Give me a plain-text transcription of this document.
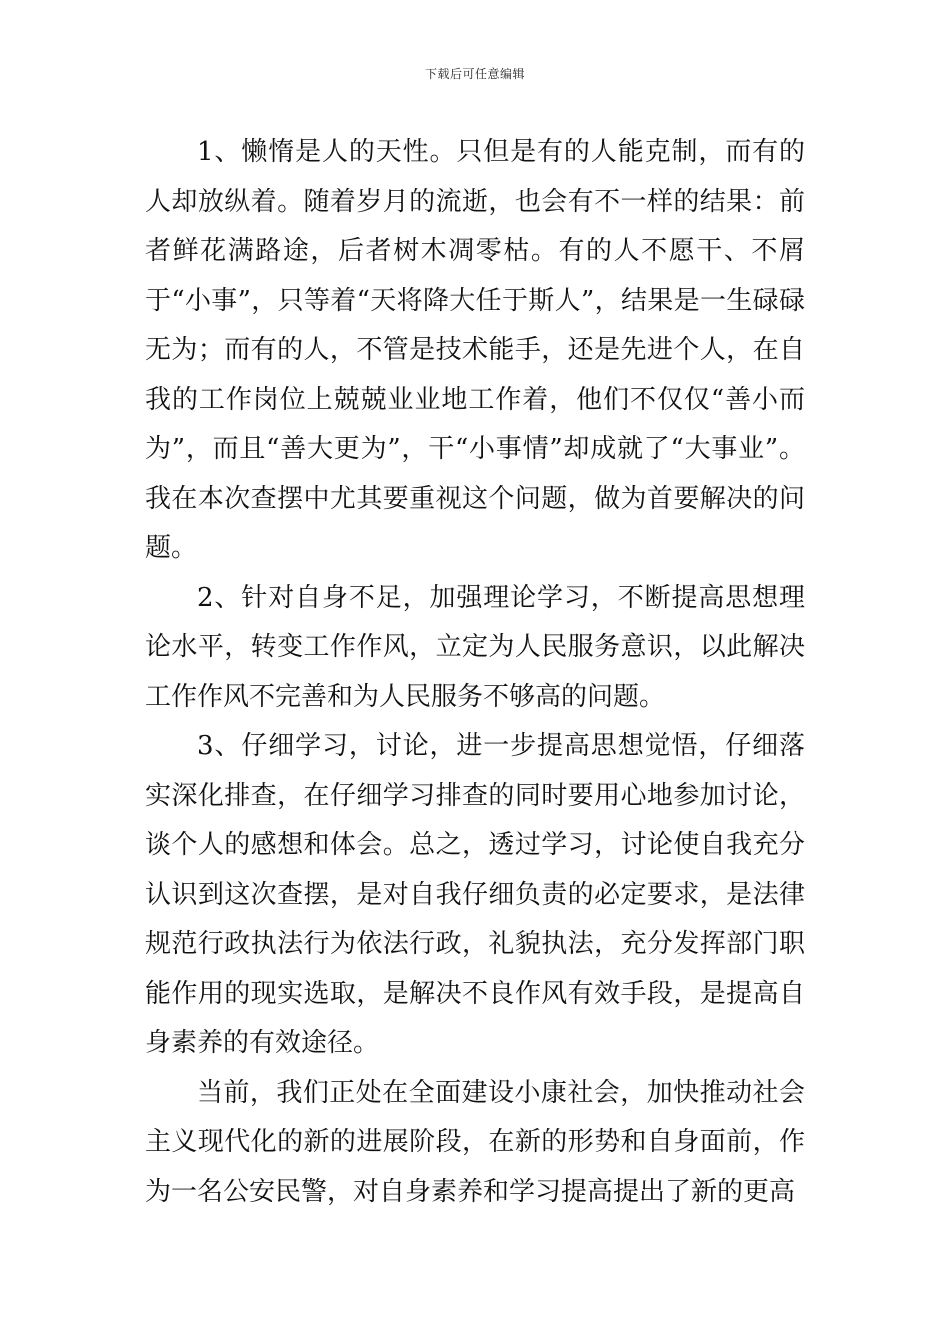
下载后可任意编辑

1、懒惰是人的天性。只但是有的人能克制，而有的人却放纵着。随着岁月的流逝，也会有不一样的结果：前者鲜花满路途，后者树木凋零枯。有的人不愿干、不屑于“小事”，只等着“天将降大任于斯人”，结果是一生碌碌无为；而有的人，不管是技术能手，还是先进个人，在自我的工作岗位上兢兢业业地工作着，他们不仅仅“善小而为”，而且“善大更为”，干“小事情”却成就了“大事业”。我在本次查摆中尤其要重视这个问题，做为首要解决的问题。

2、针对自身不足，加强理论学习，不断提高思想理论水平，转变工作作风，立定为人民服务意识，以此解决工作作风不完善和为人民服务不够高的问题。

3、仔细学习，讨论，进一步提高思想觉悟，仔细落实深化排查，在仔细学习排查的同时要用心地参加讨论，谈个人的感想和体会。总之，透过学习，讨论使自我充分认识到这次查摆，是对自我仔细负责的必定要求，是法律规范行政执法行为依法行政，礼貌执法，充分发挥部门职能作用的现实选取，是解决不良作风有效手段，是提高自身素养的有效途径。

当前，我们正处在全面建设小康社会，加快推动社会主义现代化的新的进展阶段，在新的形势和自身面前，作为一名公安民警，对自身素养和学习提高提出了新的更高
